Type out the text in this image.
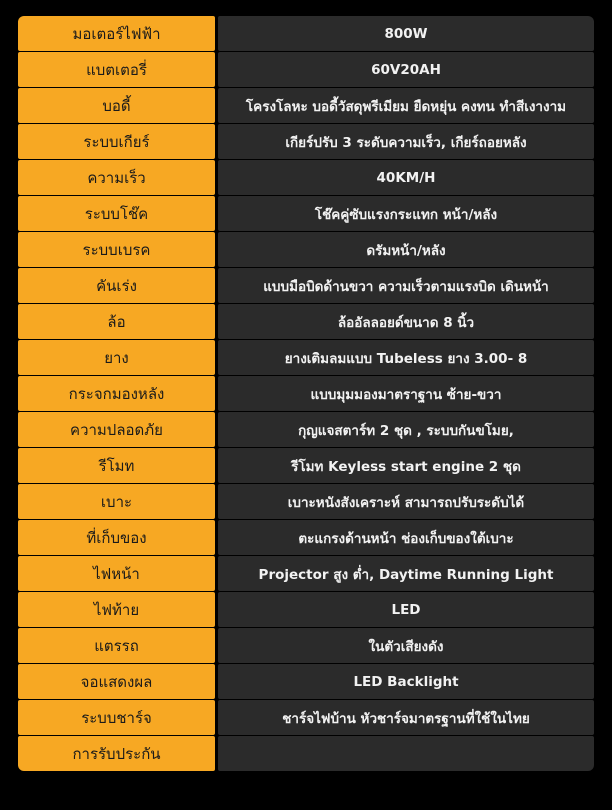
มอเตอร์ไฟฟ้า	800W
แบตเตอรี่	60V20AH
บอดี้	โครงโลหะ บอดี้วัสดุพรีเมียม ยืดหยุ่น คงทน ทำสีเงางาม
ระบบเกียร์	เกียร์ปรับ 3 ระดับความเร็ว, เกียร์ถอยหลัง
ความเร็ว	40KM/H
ระบบโช๊ค	โช๊คคู่ซับแรงกระแทก หน้า/หลัง
ระบบเบรค	ดรัมหน้า/หลัง
คันเร่ง	แบบมือบิดด้านขวา ความเร็วตามแรงบิด เดินหน้า
ล้อ	ล้ออัลลอยด์ขนาด 8 นิ้ว
ยาง	ยางเติมลมแบบ Tubeless ยาง 3.00- 8
กระจกมองหลัง	แบบมุมมองมาตราฐาน ซ้าย-ขวา
ความปลอดภัย	กุญแจสตาร์ท 2 ชุด , ระบบกันขโมย,
รีโมท	รีโมท Keyless start engine 2 ชุด
เบาะ	เบาะหนังสังเคราะห์ สามารถปรับระดับได้
ที่เก็บของ	ตะแกรงด้านหน้า ช่องเก็บของใต้เบาะ
ไฟหน้า	Projector สูง ต่ำ, Daytime Running Light
ไฟท้าย	LED
แตรรถ	ในตัวเสียงดัง
จอแสดงผล	LED Backlight
ระบบชาร์จ	ชาร์จไฟบ้าน หัวชาร์จมาตรฐานที่ใช้ในไทย
การรับประกัน
